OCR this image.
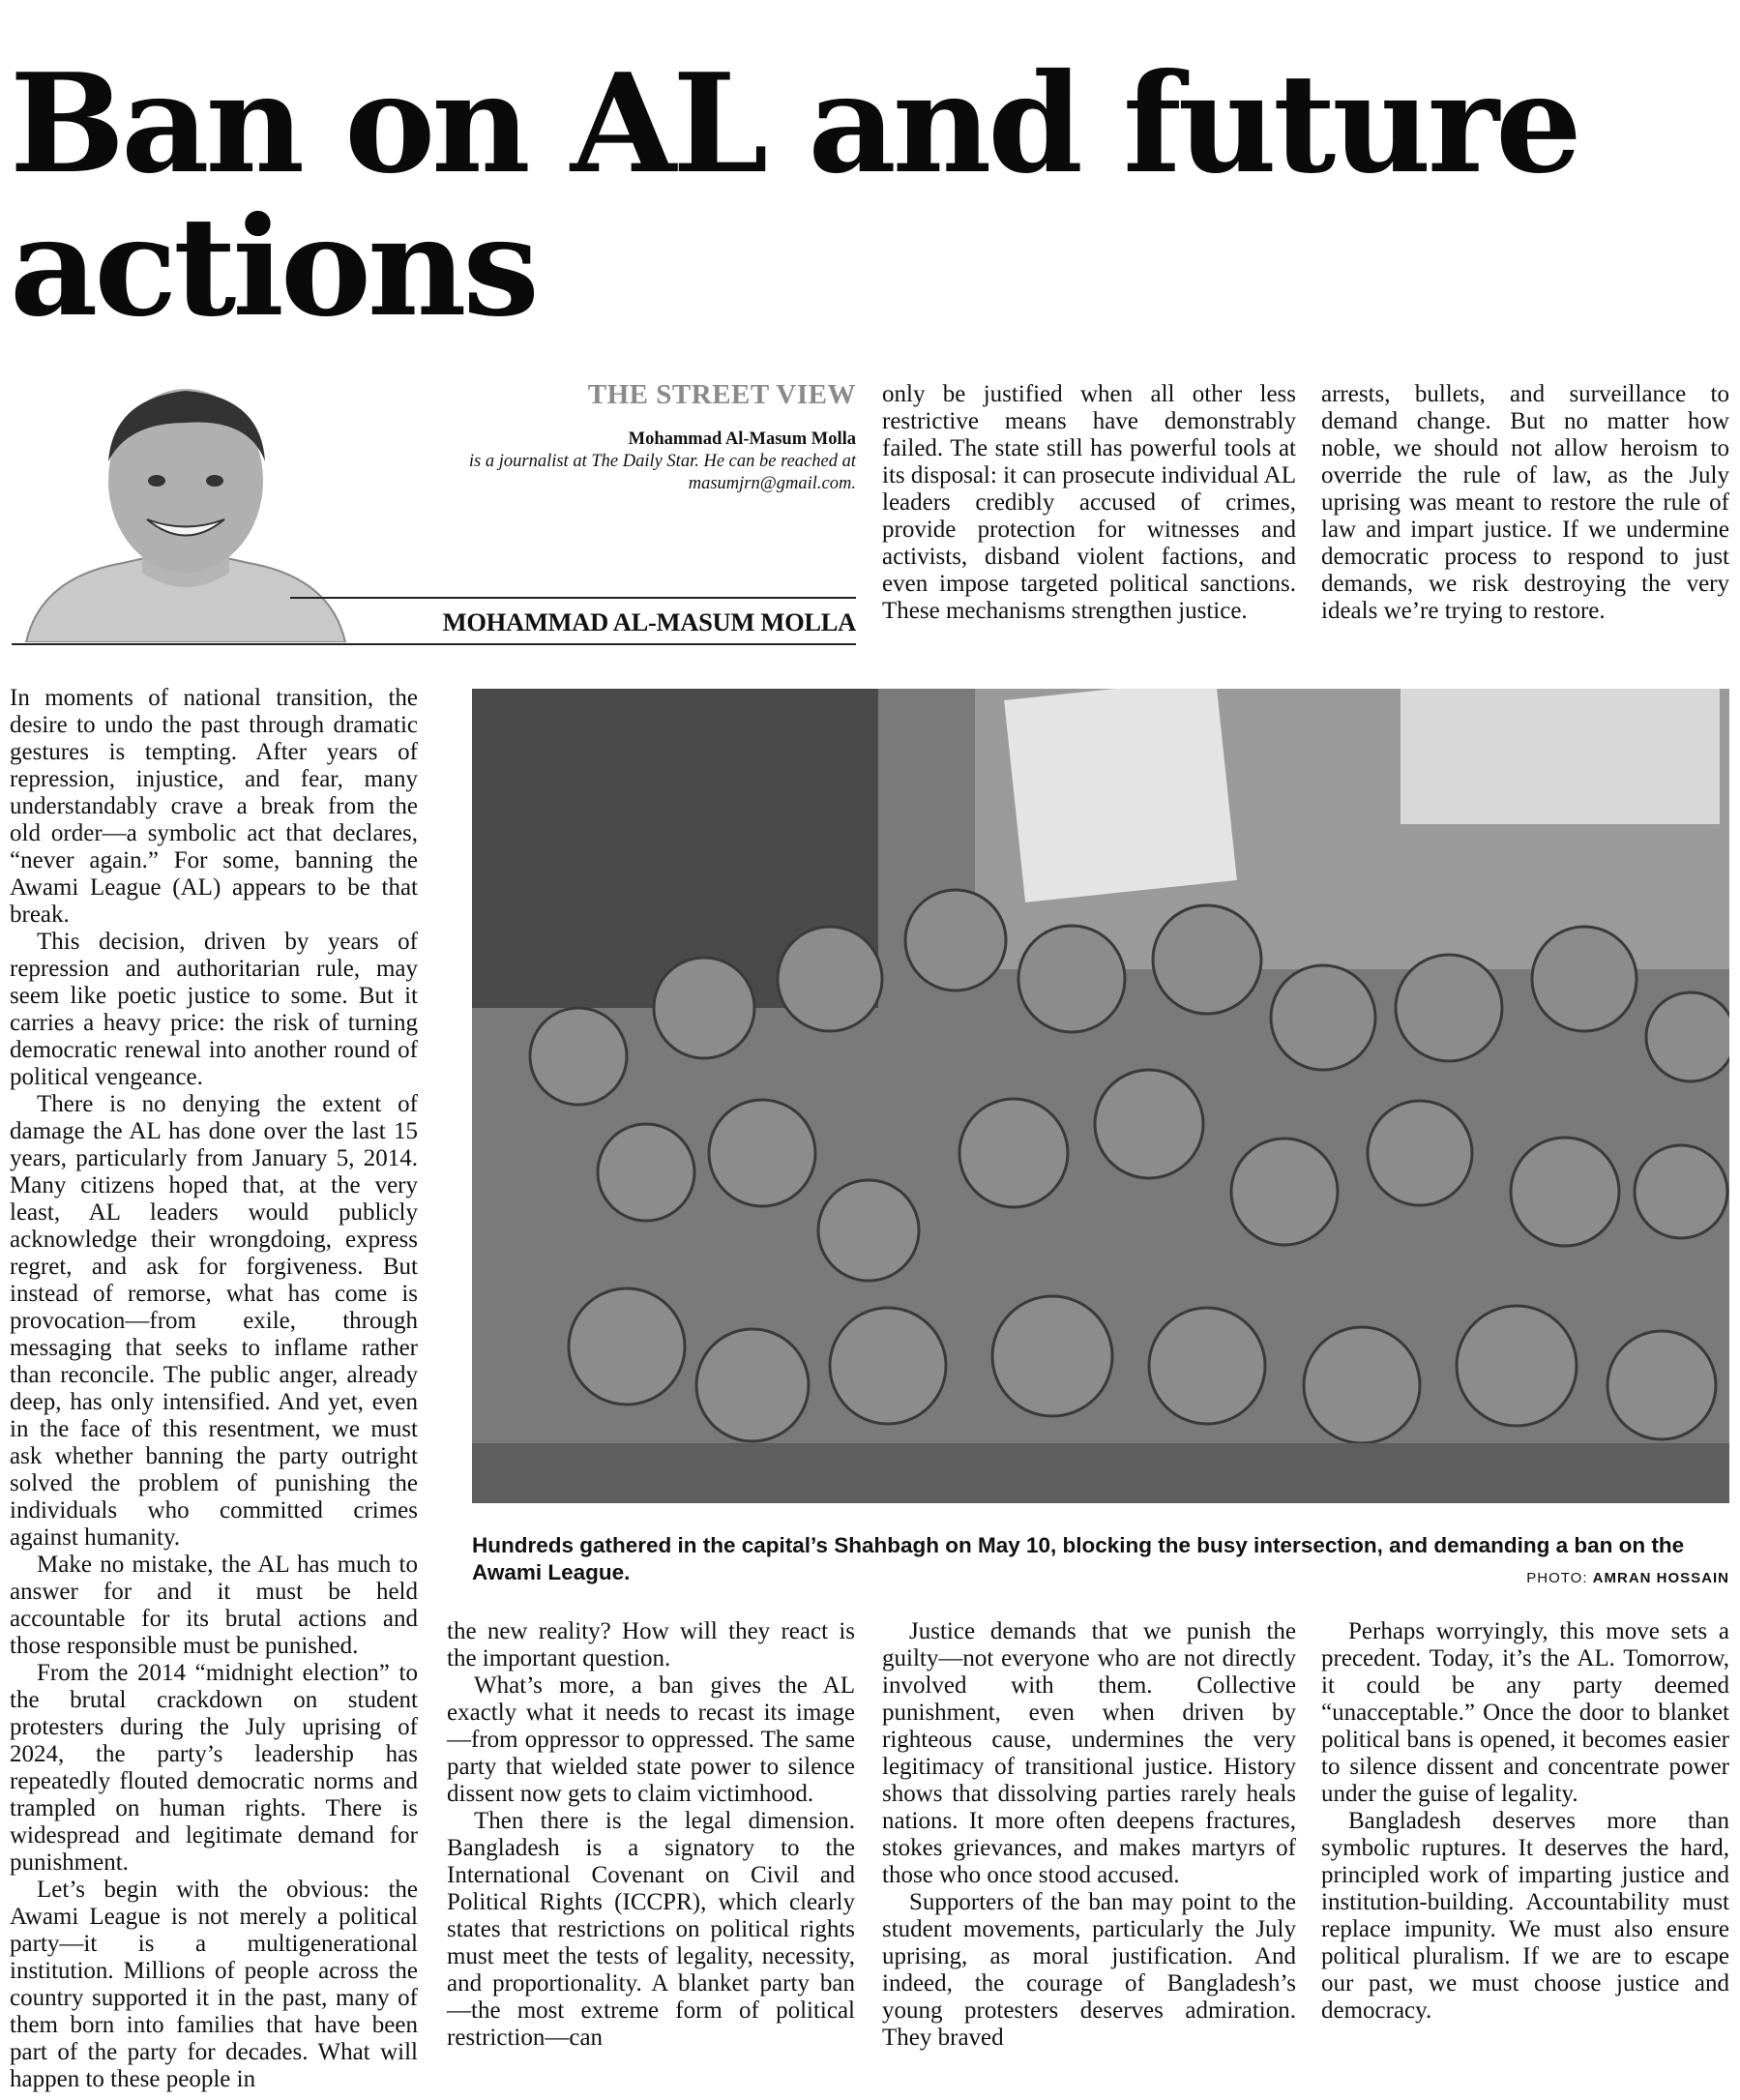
Ban on AL and future actions
THE STREET VIEW
Mohammad Al-Masum Molla
is a journalist at The Daily Star. He can be reached at masumjrn@gmail.com.
MOHAMMAD AL-MASUM MOLLA

only be justified when all other less restrictive means have demonstrably failed. The state still has powerful tools at its disposal: it can prosecute individual AL leaders credibly accused of crimes, provide protection for witnesses and activists, disband violent factions, and even impose targeted political sanctions. These mechanisms strengthen justice.

arrests, bullets, and surveillance to demand change. But no matter how noble, we should not allow heroism to override the rule of law, as the July uprising was meant to restore the rule of law and impart justice. If we undermine democratic process to respond to just demands, we risk destroying the very ideals we’re trying to restore.

In moments of national transition, the desire to undo the past through dramatic gestures is tempting. After years of repression, injustice, and fear, many understandably crave a break from the old order—a symbolic act that declares, “never again.” For some, banning the Awami League (AL) appears to be that break.

This decision, driven by years of repression and authoritarian rule, may seem like poetic justice to some. But it carries a heavy price: the risk of turning democratic renewal into another round of political vengeance.

There is no denying the extent of damage the AL has done over the last 15 years, particularly from January 5, 2014. Many citizens hoped that, at the very least, AL leaders would publicly acknowledge their wrongdoing, express regret, and ask for forgiveness. But instead of remorse, what has come is provocation—from exile, through messaging that seeks to inflame rather than reconcile. The public anger, already deep, has only intensified. And yet, even in the face of this resentment, we must ask whether banning the party outright solved the problem of punishing the individuals who committed crimes against humanity.

Make no mistake, the AL has much to answer for and it must be held accountable for its brutal actions and those responsible must be punished.

From the 2014 “midnight election” to the brutal crackdown on student protesters during the July uprising of 2024, the party’s leadership has repeatedly flouted democratic norms and trampled on human rights. There is widespread and legitimate demand for punishment.

Let’s begin with the obvious: the Awami League is not merely a political party—it is a multigenerational institution. Millions of people across the country supported it in the past, many of them born into families that have been part of the party for decades. What will happen to these people in

Hundreds gathered in the capital’s Shahbagh on May 10, blocking the busy intersection, and demanding a ban on the Awami League.	PHOTO: AMRAN HOSSAIN

the new reality? How will they react is the important question.

What’s more, a ban gives the AL exactly what it needs to recast its image—from oppressor to oppressed. The same party that wielded state power to silence dissent now gets to claim victimhood.

Then there is the legal dimension. Bangladesh is a signatory to the International Covenant on Civil and Political Rights (ICCPR), which clearly states that restrictions on political rights must meet the tests of legality, necessity, and proportionality. A blanket party ban—the most extreme form of political restriction—can

Justice demands that we punish the guilty—not everyone who are not directly involved with them. Collective punishment, even when driven by righteous cause, undermines the very legitimacy of transitional justice. History shows that dissolving parties rarely heals nations. It more often deepens fractures, stokes grievances, and makes martyrs of those who once stood accused.

Supporters of the ban may point to the student movements, particularly the July uprising, as moral justification. And indeed, the courage of Bangladesh’s young protesters deserves admiration. They braved

Perhaps worryingly, this move sets a precedent. Today, it’s the AL. Tomorrow, it could be any party deemed “unacceptable.” Once the door to blanket political bans is opened, it becomes easier to silence dissent and concentrate power under the guise of legality.

Bangladesh deserves more than symbolic ruptures. It deserves the hard, principled work of imparting justice and institution-building. Accountability must replace impunity. We must also ensure political pluralism. If we are to escape our past, we must choose justice and democracy.
